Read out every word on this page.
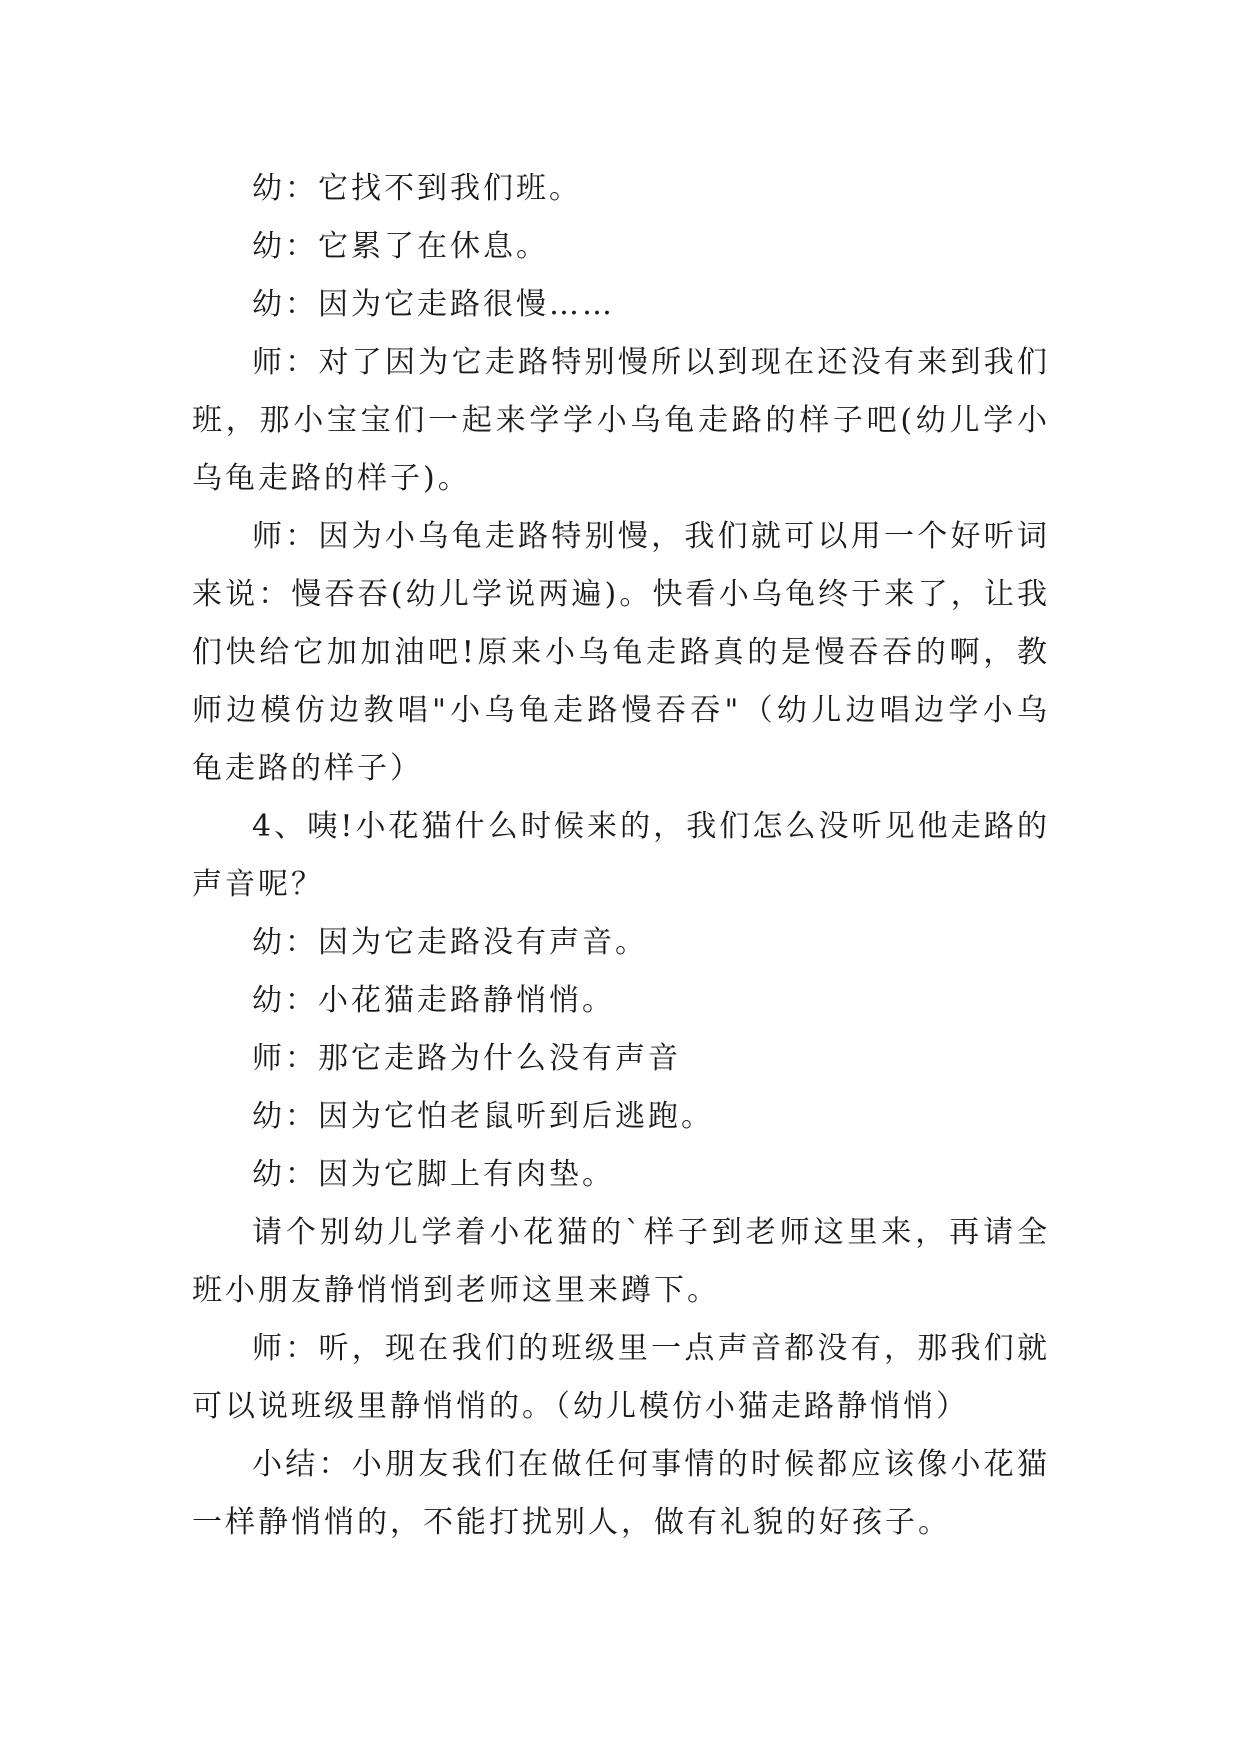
幼：它找不到我们班。

幼：它累了在休息。

幼：因为它走路很慢……

师：对了因为它走路特别慢所以到现在还没有来到我们班，那小宝宝们一起来学学小乌龟走路的样子吧(幼儿学小乌龟走路的样子)。

师：因为小乌龟走路特别慢，我们就可以用一个好听词来说：慢吞吞(幼儿学说两遍)。快看小乌龟终于来了，让我们快给它加加油吧!原来小乌龟走路真的是慢吞吞的啊，教师边模仿边教唱"小乌龟走路慢吞吞"（幼儿边唱边学小乌龟走路的样子）

4、咦!小花猫什么时候来的，我们怎么没听见他走路的声音呢？

幼：因为它走路没有声音。

幼：小花猫走路静悄悄。

师：那它走路为什么没有声音

幼：因为它怕老鼠听到后逃跑。

幼：因为它脚上有肉垫。

请个别幼儿学着小花猫的`样子到老师这里来，再请全班小朋友静悄悄到老师这里来蹲下。

师：听，现在我们的班级里一点声音都没有，那我们就可以说班级里静悄悄的。（幼儿模仿小猫走路静悄悄）

小结：小朋友我们在做任何事情的时候都应该像小花猫一样静悄悄的，不能打扰别人，做有礼貌的好孩子。
